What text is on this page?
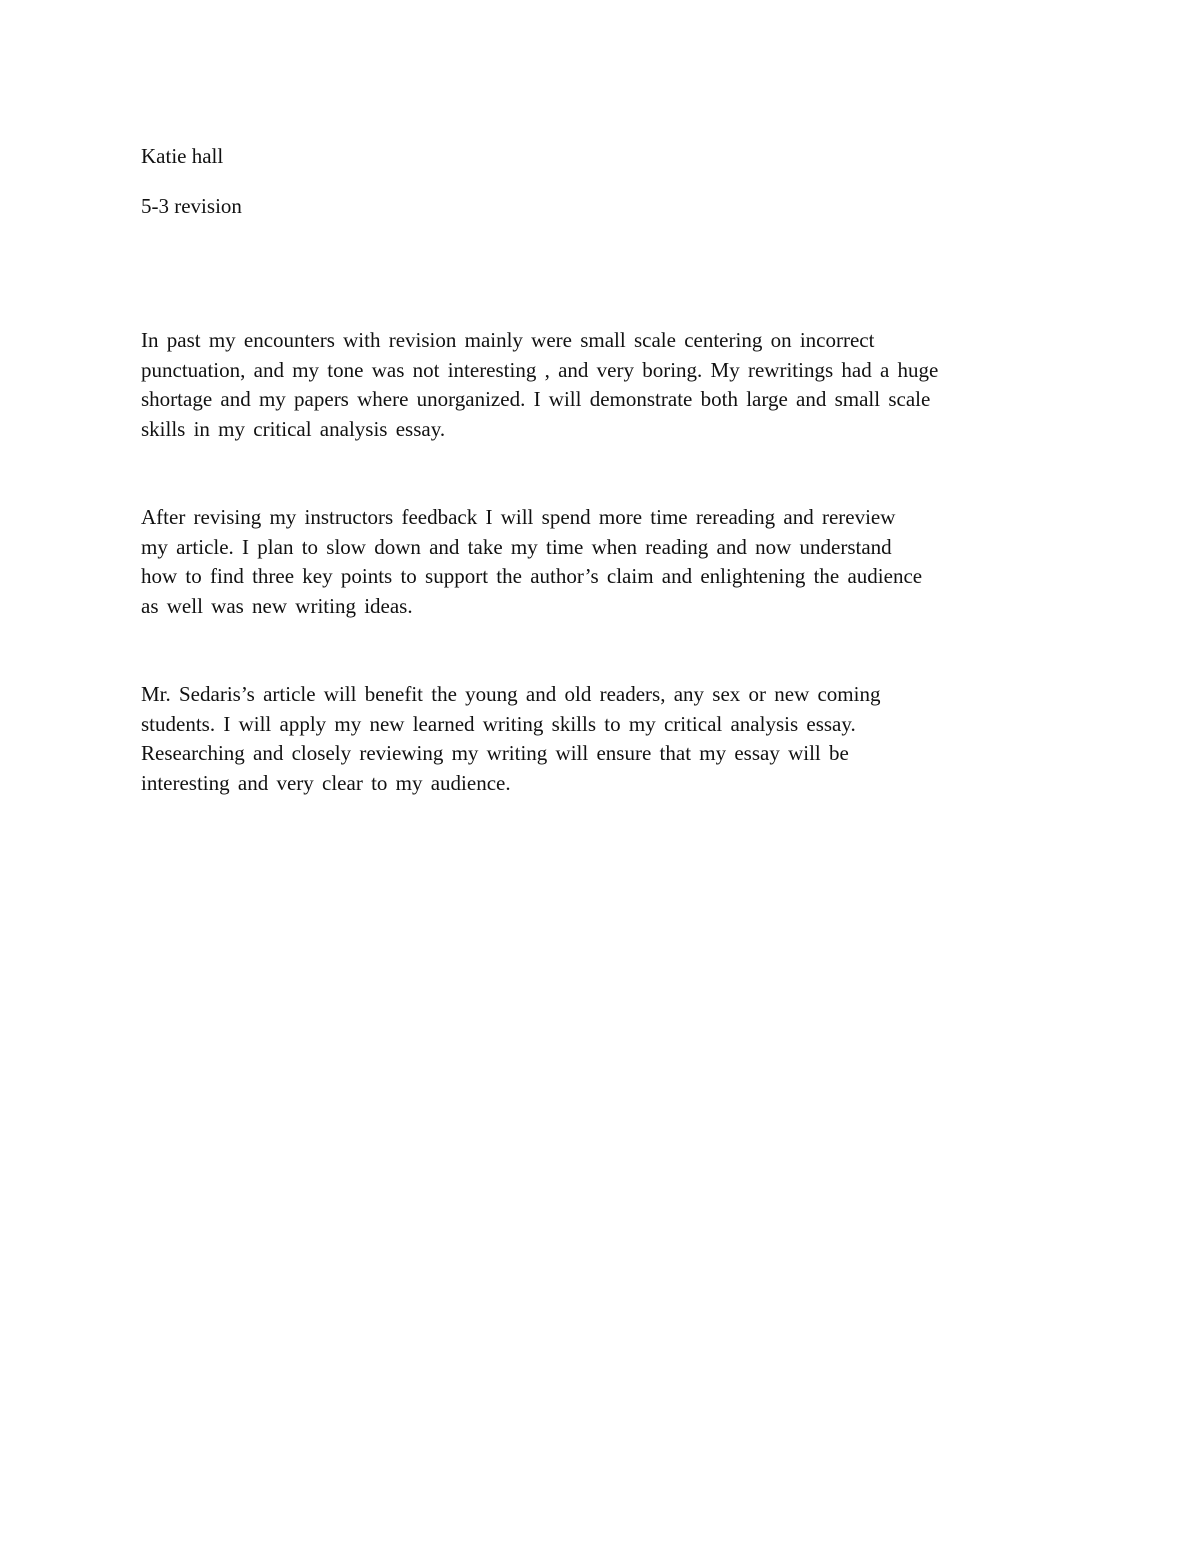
Katie hall
5-3 revision
In past my encounters with revision mainly were small scale centering on incorrect
punctuation, and my tone was not interesting , and very boring. My rewritings had a huge
shortage and my papers where unorganized. I will demonstrate both large and small scale
skills in my critical analysis essay.
After revising my instructors feedback I will spend more time rereading and rereview
my article. I plan to slow down and take my time when reading and now understand
how to find three key points to support the author’s claim and enlightening the audience
as well was new writing ideas.
Mr. Sedaris’s article will benefit the young and old readers, any sex or new coming
students. I will apply my new learned writing skills to my critical analysis essay.
Researching and closely reviewing my writing will ensure that my essay will be
interesting and very clear to my audience.
